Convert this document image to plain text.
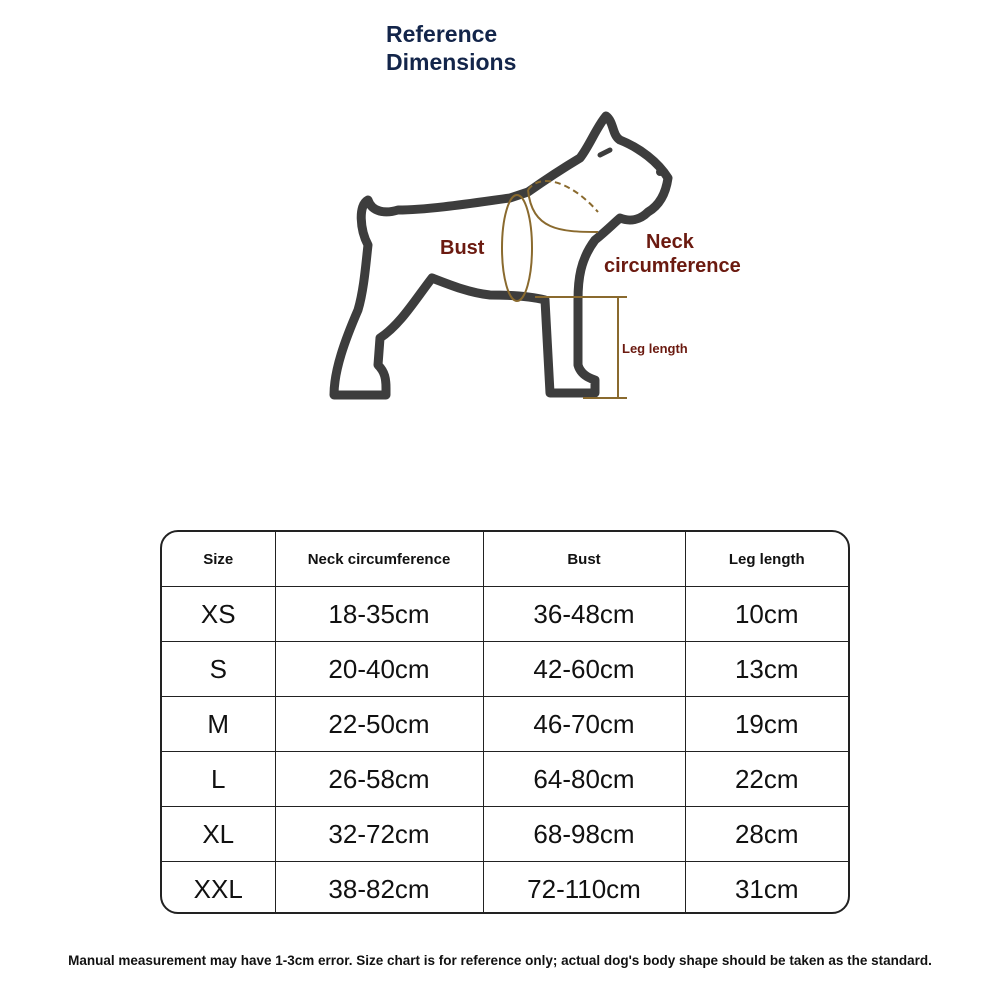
Reference
Dimensions
Bust	Neck
circumference
Leg length
Size	Neck circumference	Bust	Leg length
XS	18-35cm	36-48cm	10cm
S	20-40cm	42-60cm	13cm
M	22-50cm	46-70cm	19cm
L	26-58cm	64-80cm	22cm
XL	32-72cm	68-98cm	28cm
XXL	38-82cm	72-110cm	31cm
Manual measurement may have 1-3cm error. Size chart is for reference only; actual dog's body shape should be taken as the standard.
